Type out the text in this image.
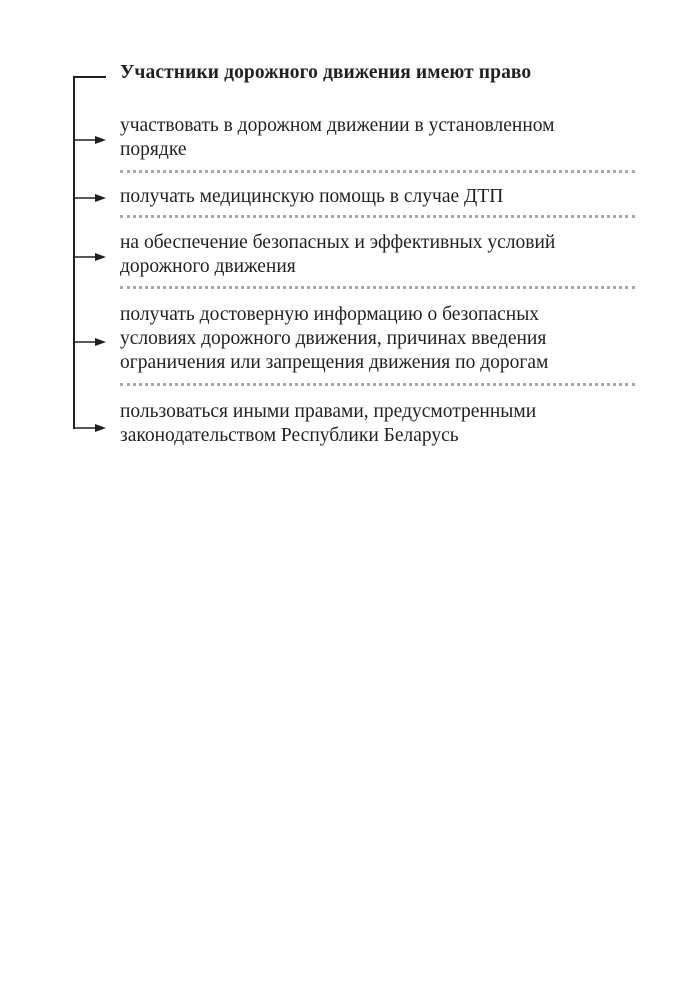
Участники дорожного движения имеют право
участвовать в дорожном движении в установленном
порядке
получать медицинскую помощь в случае ДТП
на обеспечение безопасных и эффективных условий
дорожного движения
получать достоверную информацию о безопасных
условиях дорожного движения, причинах введения
ограничения или запрещения движения по дорогам
пользоваться иными правами, предусмотренными
законодательством Республики Беларусь
